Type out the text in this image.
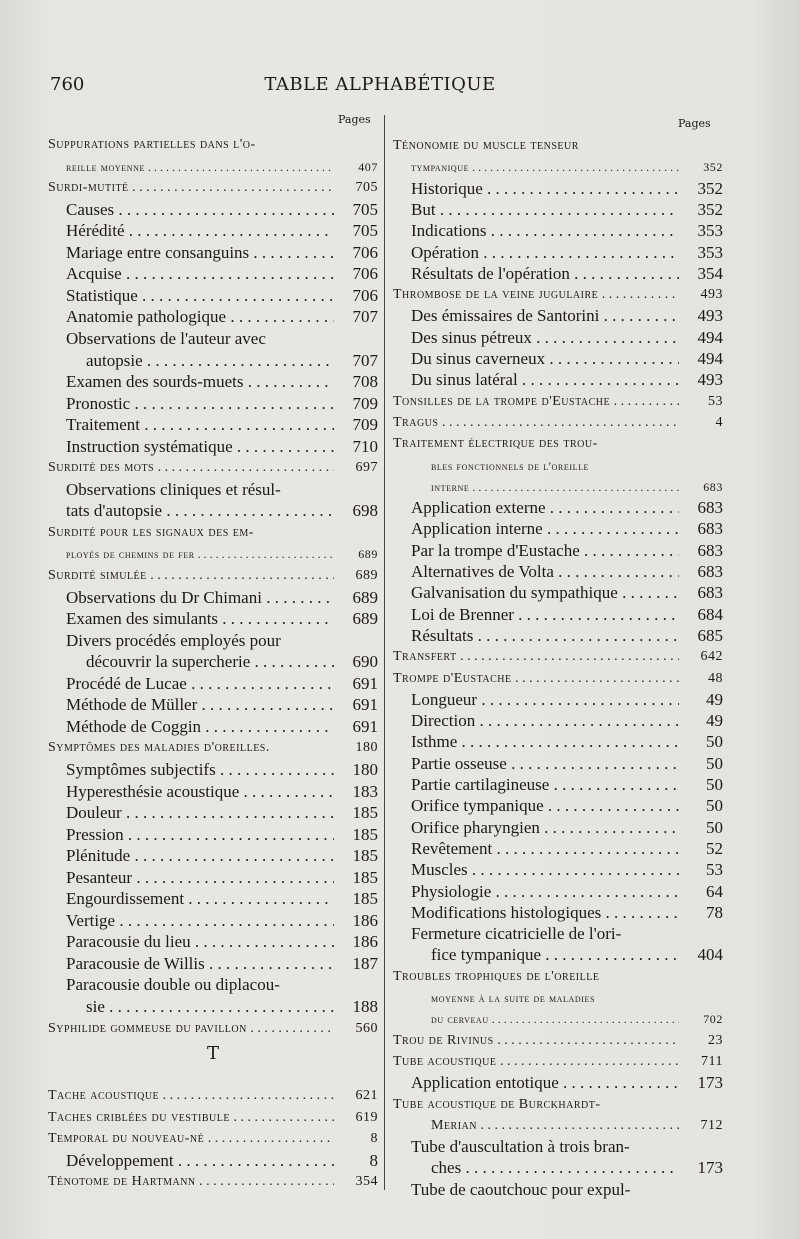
760	TABLE ALPHABÉTIQUE
Pages	Pages
Suppurations partielles dans l'o-
reille moyenne . . .	407
Surdi-mutité . . .	705
Causes . . .	705
Hérédité . . .	705
Mariage entre consanguins . . .	706
Acquise . . .	706
Statistique . . .	706
Anatomie pathologique . . .	707
Observations de l'auteur avec
autopsie . . .	707
Examen des sourds-muets . . .	708
Pronostic . . .	709
Traitement . . .	709
Instruction systématique . . .	710
Surdité des mots . . .	697
Observations cliniques et résul-
tats d'autopsie . . .	698
Surdité pour les signaux des em-
ployés de chemins de fer . . .	689
Surdité simulée . . .	689
Observations du Dr Chimani . . .	689
Examen des simulants . . .	689
Divers procédés employés pour
découvrir la supercherie . . .	690
Procédé de Lucae . . .	691
Méthode de Müller . . .	691
Méthode de Coggin . . .	691
Symptômes des maladies d'oreilles.	180
Symptômes subjectifs . . .	180
Hyperesthésie acoustique . . .	183
Douleur . . .	185
Pression . . .	185
Plénitude . . .	185
Pesanteur . . .	185
Engourdissement . . .	185
Vertige . . .	186
Paracousie du lieu . . .	186
Paracousie de Willis . . .	187
Paracousie double ou diplacou-
sie . . .	188
Syphilide gommeuse du pavillon . . .	560
T
Tache acoustique . . .	621
Taches criblées du vestibule . . .	619
Temporal du nouveau-né . . .	8
Développement . . .	8
Ténotome de Hartmann . . .	354
Ténonomie du muscle tenseur
tympanique . . .	352
Historique . . .	352
But . . .	352
Indications . . .	353
Opération . . .	353
Résultats de l'opération . . .	354
Thrombose de la veine jugulaire . . .	493
Des émissaires de Santorini . . .	493
Des sinus pétreux . . .	494
Du sinus caverneux . . .	494
Du sinus latéral . . .	493
Tonsilles de la trompe d'Eustache . . .	53
Tragus . . .	4
Traitement électrique des trou-
bles fonctionnels de l'oreille
interne . . .	683
Application externe . . .	683
Application interne . . .	683
Par la trompe d'Eustache . . .	683
Alternatives de Volta . . .	683
Galvanisation du sympathique . . .	683
Loi de Brenner . . .	684
Résultats . . .	685
Transfert . . .	642
Trompe d'Eustache . . .	48
Longueur . . .	49
Direction . . .	49
Isthme . . .	50
Partie osseuse . . .	50
Partie cartilagineuse . . .	50
Orifice tympanique . . .	50
Orifice pharyngien . . .	50
Revêtement . . .	52
Muscles . . .	53
Physiologie . . .	64
Modifications histologiques . . .	78
Fermeture cicatricielle de l'ori-
fice tympanique . . .	404
Troubles trophiques de l'oreille
moyenne à la suite de maladies
du cerveau . . .	702
Trou de Rivinus . . .	23
Tube acoustique . . .	711
Application entotique . . .	173
Tube acoustique de Burckhardt-
Merian . . .	712
Tube d'auscultation à trois bran-
ches . . .	173
Tube de caoutchouc pour expul-
